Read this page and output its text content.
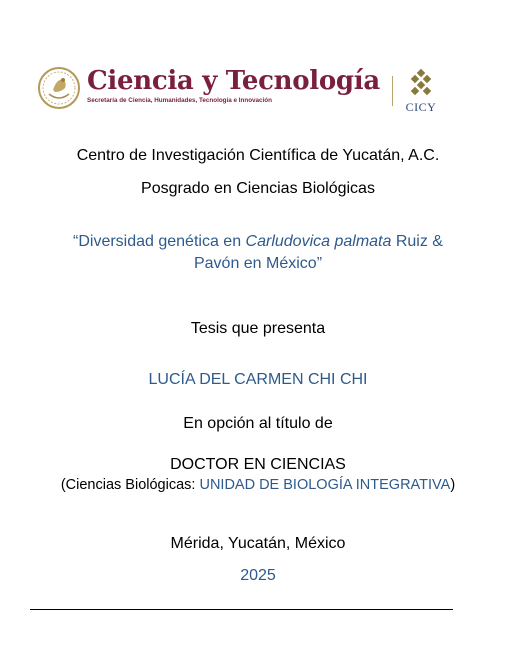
Ciencia y Tecnología
Secretaría de Ciencia, Humanidades, Tecnología e Innovación	CICY
Centro de Investigación Científica de Yucatán, A.C.
Posgrado en Ciencias Biológicas
“Diversidad genética en Carludovica palmata Ruiz &
Pavón en México”
Tesis que presenta
LUCÍA DEL CARMEN CHI CHI
En opción al título de
DOCTOR EN CIENCIAS
(Ciencias Biológicas: UNIDAD DE BIOLOGÍA INTEGRATIVA)
Mérida, Yucatán, México
2025
